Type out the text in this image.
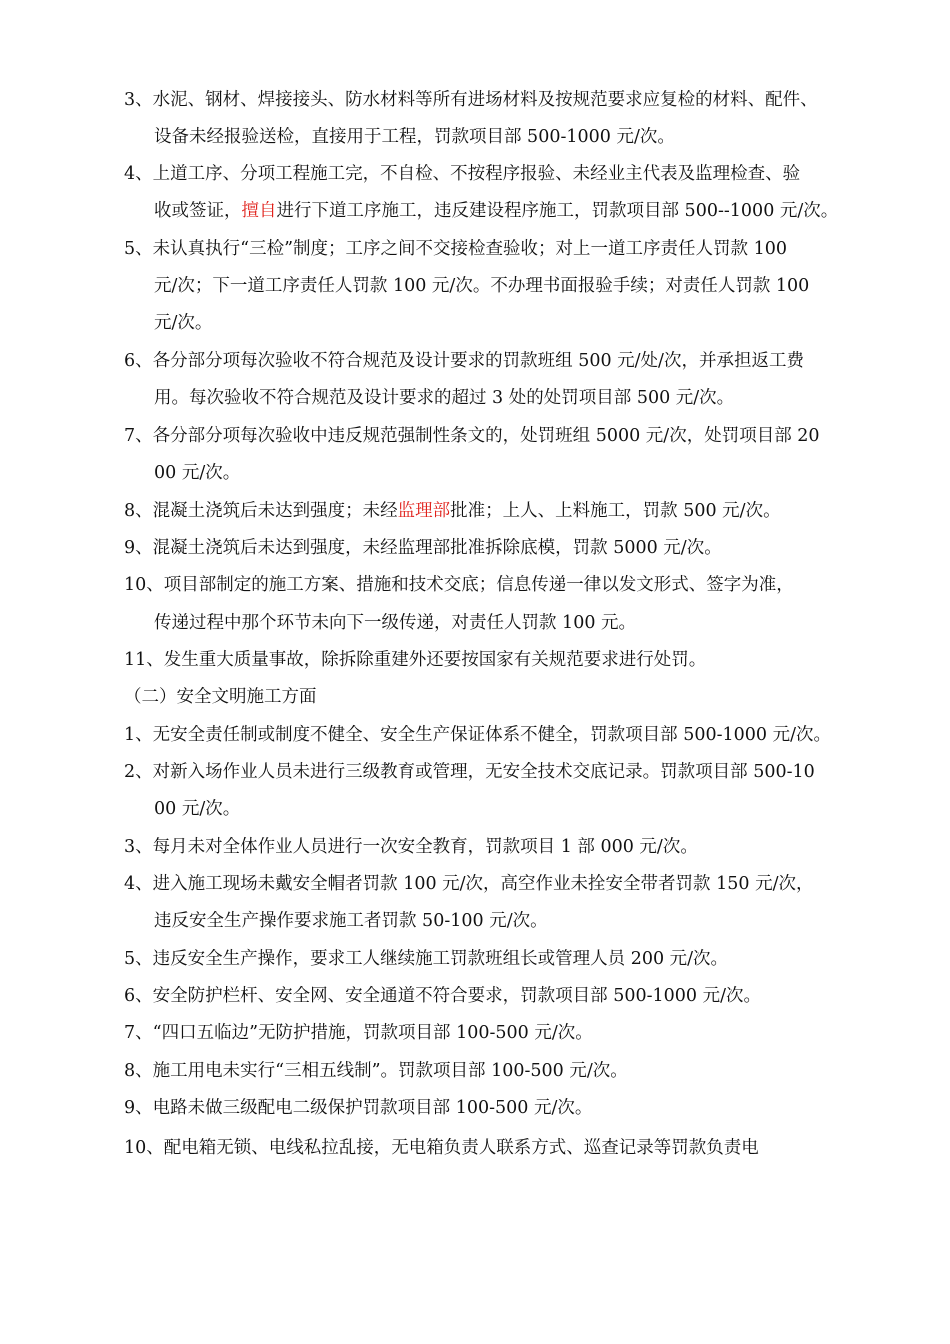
3、水泥、钢材、焊接接头、防水材料等所有进场材料及按规范要求应复检的材料、配件、
设备未经报验送检，直接用于工程，罚款项目部 500-1000 元/次。
4、上道工序、分项工程施工完，不自检、不按程序报验、未经业主代表及监理检查、验
收或签证，擅自进行下道工序施工，违反建设程序施工，罚款项目部 500--1000 元/次。
5、未认真执行“三检”制度；工序之间不交接检查验收；对上一道工序责任人罚款 100
元/次；下一道工序责任人罚款 100 元/次。不办理书面报验手续；对责任人罚款 100
元/次。
6、各分部分项每次验收不符合规范及设计要求的罚款班组 500 元/处/次，并承担返工费
用。每次验收不符合规范及设计要求的超过 3 处的处罚项目部 500 元/次。
7、各分部分项每次验收中违反规范强制性条文的，处罚班组 5000 元/次，处罚项目部 20
00 元/次。
8、混凝土浇筑后未达到强度；未经监理部批准；上人、上料施工，罚款 500 元/次。
9、混凝土浇筑后未达到强度，未经监理部批准拆除底模，罚款 5000 元/次。
10、项目部制定的施工方案、措施和技术交底；信息传递一律以发文形式、签字为准，
传递过程中那个环节未向下一级传递，对责任人罚款 100 元。
11、发生重大质量事故，除拆除重建外还要按国家有关规范要求进行处罚。
（二）安全文明施工方面
1、无安全责任制或制度不健全、安全生产保证体系不健全，罚款项目部 500-1000 元/次。
2、对新入场作业人员未进行三级教育或管理，无安全技术交底记录。罚款项目部 500-10
00 元/次。
3、每月未对全体作业人员进行一次安全教育，罚款项目 1 部 000 元/次。
4、进入施工现场未戴安全帽者罚款 100 元/次，高空作业未拴安全带者罚款 150 元/次，
违反安全生产操作要求施工者罚款 50-100 元/次。
5、违反安全生产操作，要求工人继续施工罚款班组长或管理人员 200 元/次。
6、安全防护栏杆、安全网、安全通道不符合要求，罚款项目部 500-1000 元/次。
7、“四口五临边”无防护措施，罚款项目部 100-500 元/次。
8、施工用电未实行“三相五线制”。罚款项目部 100-500 元/次。
9、电路未做三级配电二级保护罚款项目部 100-500 元/次。
10、配电箱无锁、电线私拉乱接，无电箱负责人联系方式、巡查记录等罚款负责电
